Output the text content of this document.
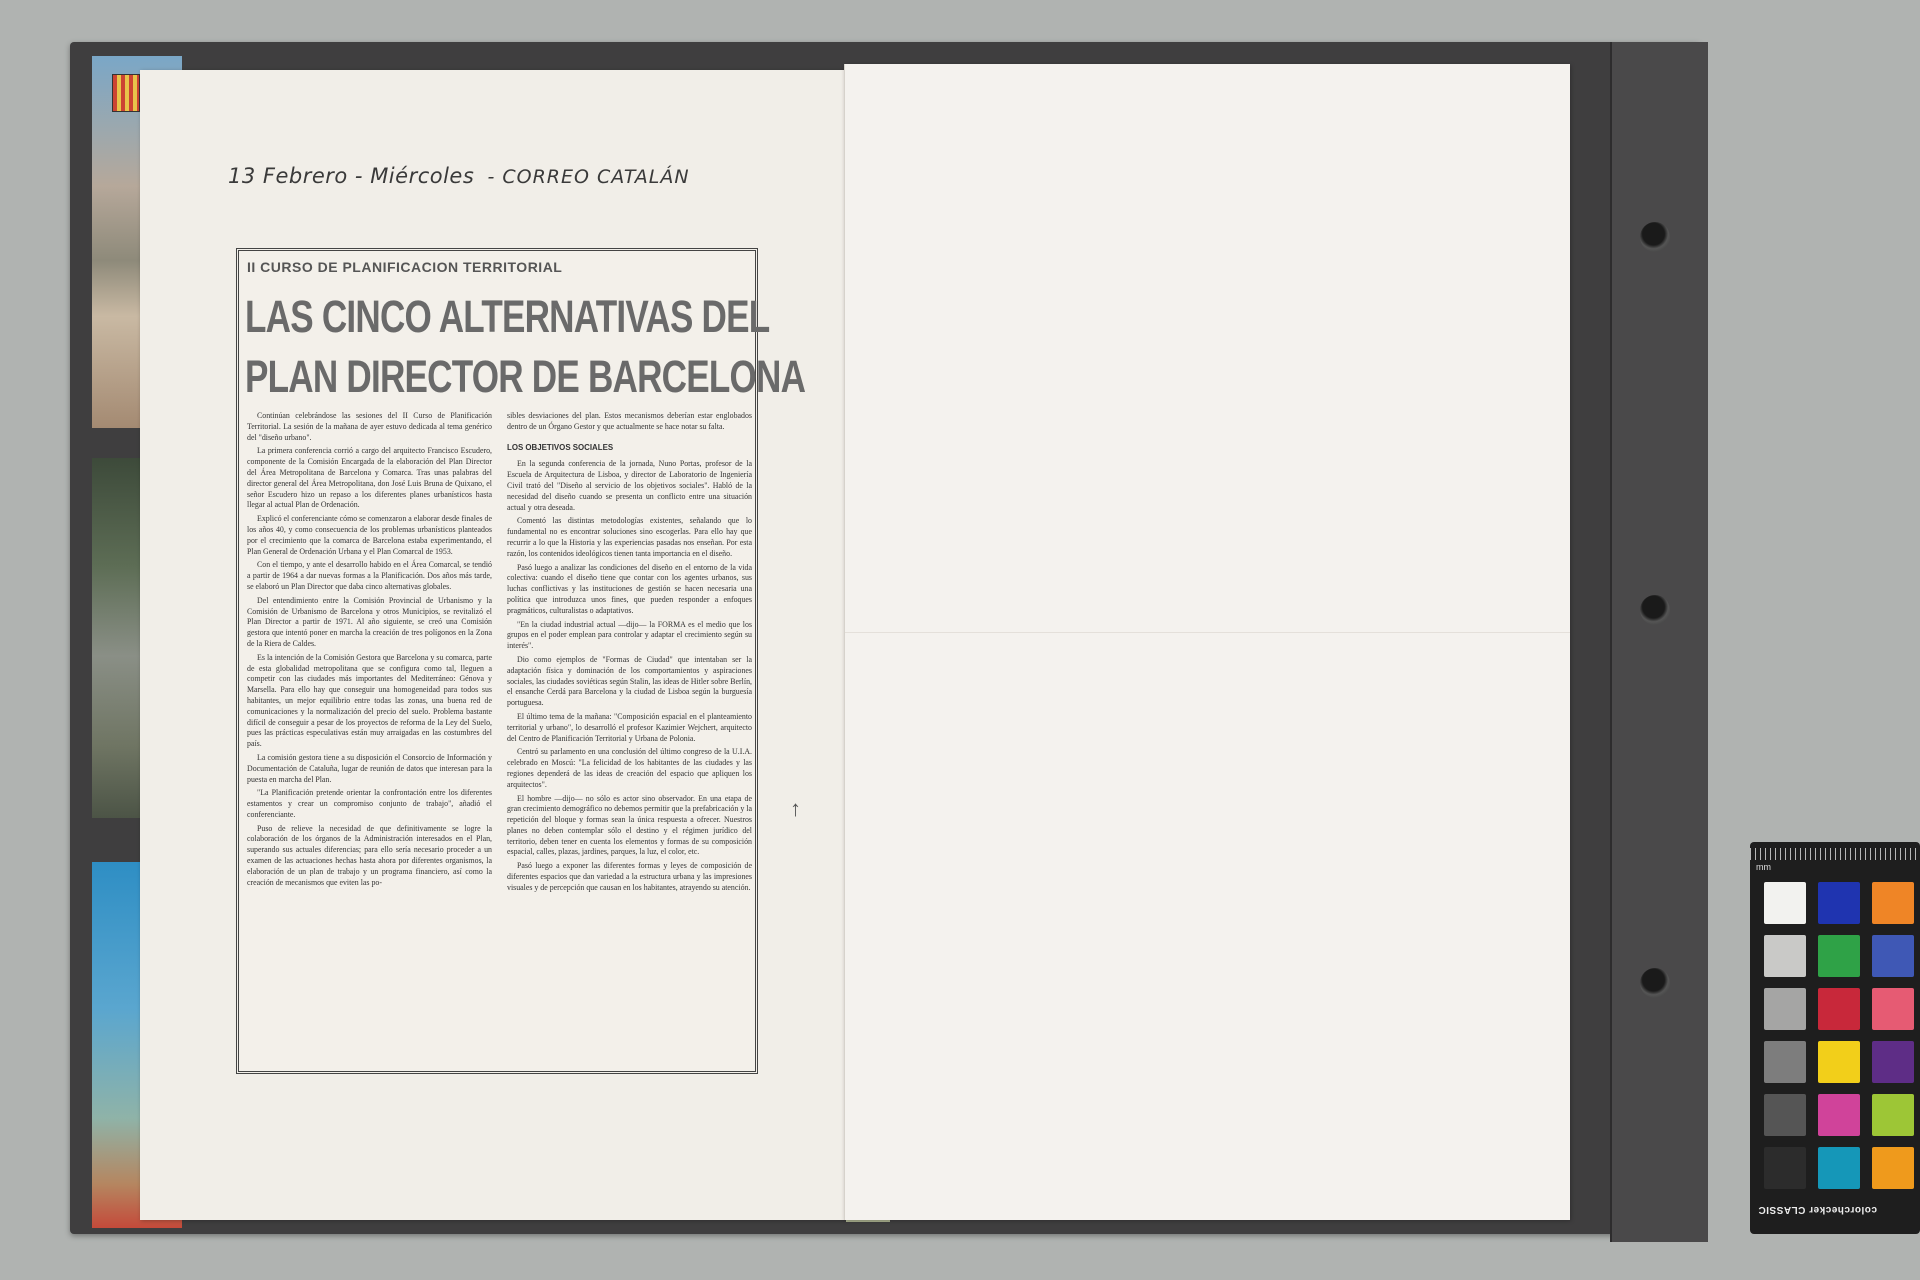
13 Febrero - Miércoles - CORREO CATALÁN
II CURSO DE PLANIFICACION TERRITORIAL
LAS CINCO ALTERNATIVAS DEL
PLAN DIRECTOR DE BARCELONA

Continúan celebrándose las sesiones del II Curso de Planificación Territorial. La sesión de la mañana de ayer estuvo dedicada al tema genérico del "diseño urbano".

La primera conferencia corrió a cargo del arquitecto Francisco Escudero, componente de la Comisión Encargada de la elaboración del Plan Director del Área Metropolitana de Barcelona y Comarca. Tras unas palabras del director general del Área Metropolitana, don José Luis Bruna de Quixano, el señor Escudero hizo un repaso a los diferentes planes urbanísticos hasta llegar al actual Plan de Ordenación.

Explicó el conferenciante cómo se comenzaron a elaborar desde finales de los años 40, y como consecuencia de los problemas urbanísticos planteados por el crecimiento que la comarca de Barcelona estaba experimentando, el Plan General de Ordenación Urbana y el Plan Comarcal de 1953.

Con el tiempo, y ante el desarrollo habido en el Área Comarcal, se tendió a partir de 1964 a dar nuevas formas a la Planificación. Dos años más tarde, se elaboró un Plan Director que daba cinco alternativas globales.

Del entendimiento entre la Comisión Provincial de Urbanismo y la Comisión de Urbanismo de Barcelona y otros Municipios, se revitalizó el Plan Director a partir de 1971. Al año siguiente, se creó una Comisión gestora que intentó poner en marcha la creación de tres polígonos en la Zona de la Riera de Caldes.

Es la intención de la Comisión Gestora que Barcelona y su comarca, parte de esta globalidad metropolitana que se configura como tal, lleguen a competir con las ciudades más importantes del Mediterráneo: Génova y Marsella. Para ello hay que conseguir una homogeneidad para todos sus habitantes, un mejor equilibrio entre todas las zonas, una buena red de comunicaciones y la normalización del precio del suelo. Problema bastante difícil de conseguir a pesar de los proyectos de reforma de la Ley del Suelo, pues las prácticas especulativas están muy arraigadas en las costumbres del país.

La comisión gestora tiene a su disposición el Consorcio de Información y Documentación de Cataluña, lugar de reunión de datos que interesan para la puesta en marcha del Plan.

"La Planificación pretende orientar la confrontación entre los diferentes estamentos y crear un compromiso conjunto de trabajo", añadió el conferenciante.

Puso de relieve la necesidad de que definitivamente se logre la colaboración de los órganos de la Administración interesados en el Plan, superando sus actuales diferencias; para ello sería necesario proceder a un examen de las actuaciones hechas hasta ahora por diferentes organismos, la elaboración de un plan de trabajo y un programa financiero, así como la creación de mecanismos que eviten las po-

sibles desviaciones del plan. Estos mecanismos deberían estar englobados dentro de un Órgano Gestor y que actualmente se hace notar su falta.

LOS OBJETIVOS SOCIALES

En la segunda conferencia de la jornada, Nuno Portas, profesor de la Escuela de Arquitectura de Lisboa, y director de Laboratorio de Ingeniería Civil trató del "Diseño al servicio de los objetivos sociales". Habló de la necesidad del diseño cuando se presenta un conflicto entre una situación actual y otra deseada.

Comentó las distintas metodologías existentes, señalando que lo fundamental no es encontrar soluciones sino escogerlas. Para ello hay que recurrir a lo que la Historia y las experiencias pasadas nos enseñan. Por esta razón, los contenidos ideológicos tienen tanta importancia en el diseño.

Pasó luego a analizar las condiciones del diseño en el entorno de la vida colectiva: cuando el diseño tiene que contar con los agentes urbanos, sus luchas conflictivas y las instituciones de gestión se hacen necesaria una política que introduzca unos fines, que pueden responder a enfoques pragmáticos, culturalistas o adaptativos.

"En la ciudad industrial actual —dijo— la FORMA es el medio que los grupos en el poder emplean para controlar y adaptar el crecimiento según su interés".

Dio como ejemplos de "Formas de Ciudad" que intentaban ser la adaptación física y dominación de los comportamientos y aspiraciones sociales, las ciudades soviéticas según Stalin, las ideas de Hitler sobre Berlín, el ensanche Cerdá para Barcelona y la ciudad de Lisboa según la burguesía portuguesa.

El último tema de la mañana: "Composición espacial en el planteamiento territorial y urbano", lo desarrolló el profesor Kazimier Wejchert, arquitecto del Centro de Planificación Territorial y Urbana de Polonia.

Centró su parlamento en una conclusión del último congreso de la U.I.A. celebrado en Moscú: "La felicidad de los habitantes de las ciudades y las regiones dependerá de las ideas de creación del espacio que apliquen los arquitectos".

El hombre —dijo— no sólo es actor sino observador. En una etapa de gran crecimiento demográfico no debemos permitir que la prefabricación y la repetición del bloque y formas sean la única respuesta a ofrecer. Nuestros planes no deben contemplar sólo el destino y el régimen jurídico del territorio, deben tener en cuenta los elementos y formas de su composición espacial, calles, plazas, jardines, parques, la luz, el color, etc.

Pasó luego a exponer las diferentes formas y leyes de composición de diferentes espacios que dan variedad a la estructura urbana y las impresiones visuales y de percepción que causan en los habitantes, atrayendo su atención.

↑
mm
colorchecker CLASSIC
